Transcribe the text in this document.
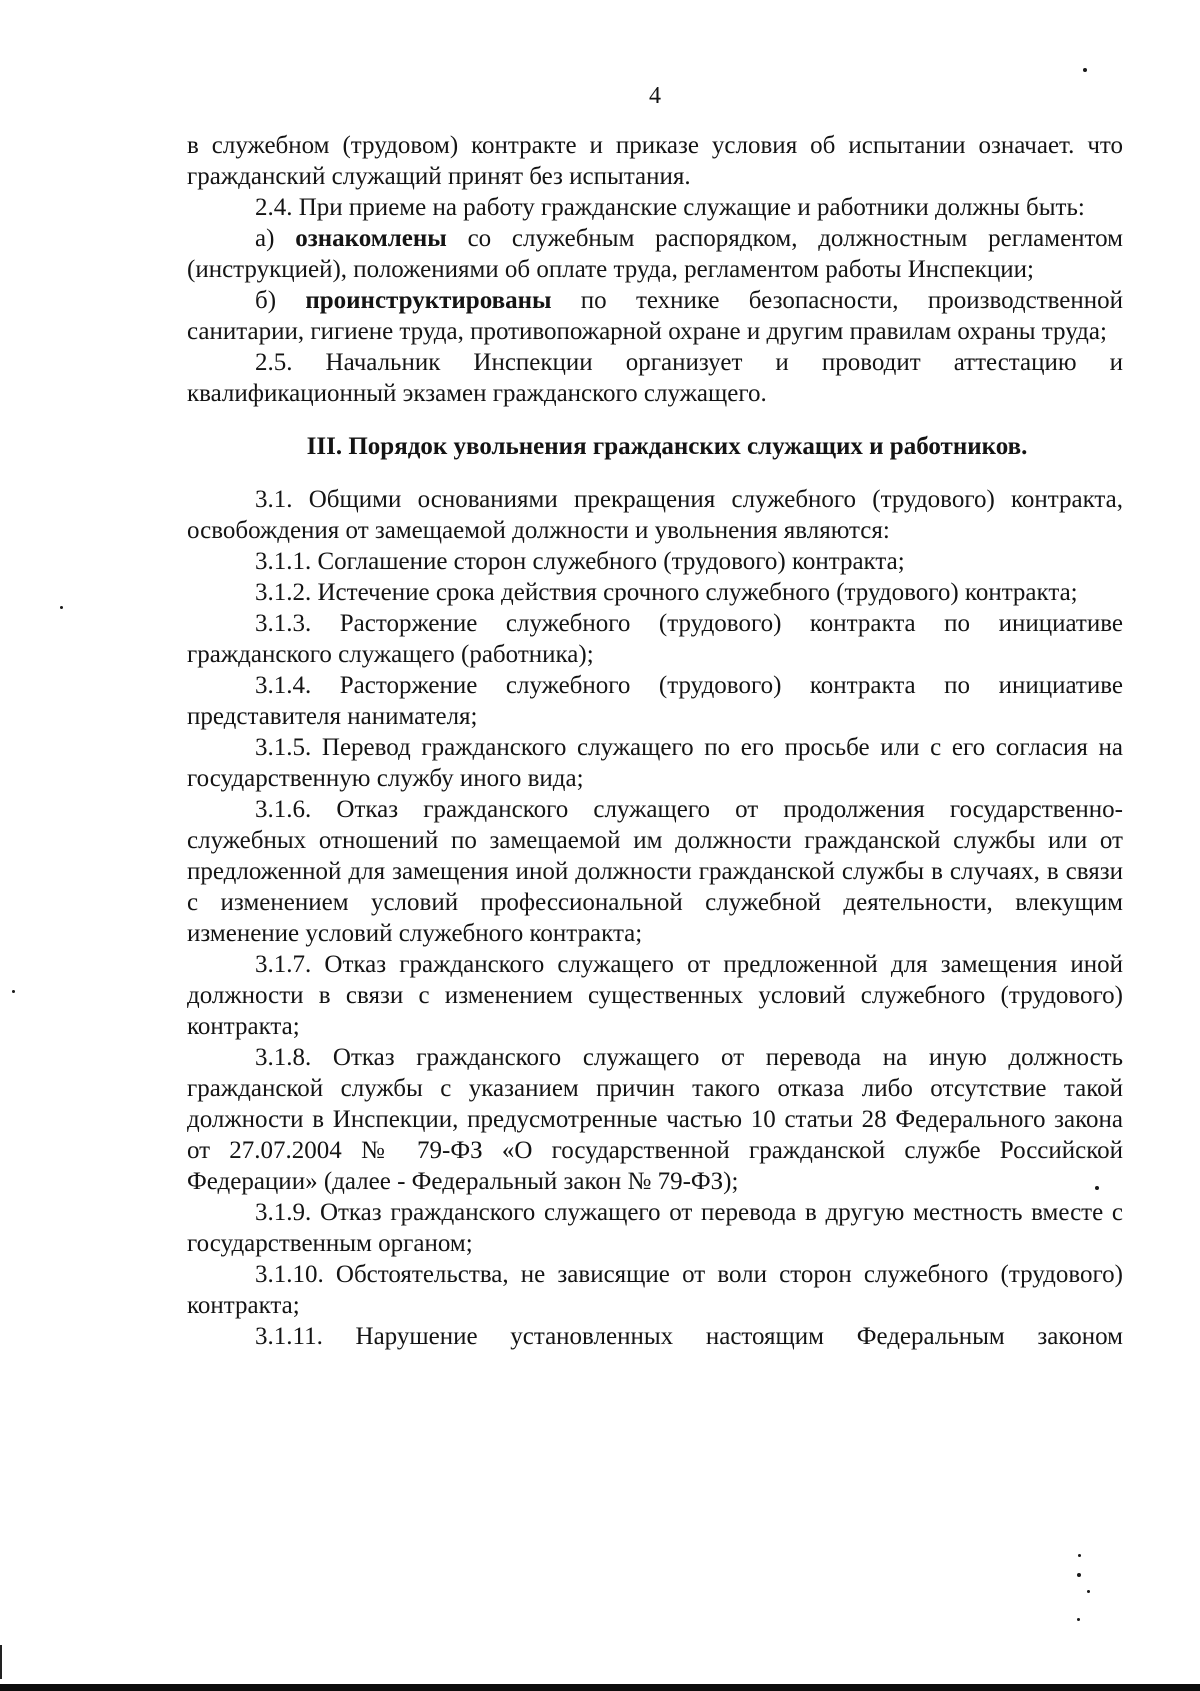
4

в служебном (трудовом) контракте и приказе условия об испытании означает. что гражданский служащий принят без испытания.

2.4. При приеме на работу гражданские служащие и работники должны быть:

а) ознакомлены со служебным распорядком, должностным регламентом (инструкцией), положениями об оплате труда, регламентом работы Инспекции;

б) проинструктированы по технике безопасности, производственной санитарии, гигиене труда, противопожарной охране и другим правилам охраны труда;

2.5. Начальник Инспекции организует и проводит аттестацию и квалификационный экзамен гражданского служащего.

III. Порядок увольнения гражданских служащих и работников.

3.1. Общими основаниями прекращения служебного (трудового) контракта, освобождения от замещаемой должности и увольнения являются:

3.1.1. Соглашение сторон служебного (трудового) контракта;

3.1.2. Истечение срока действия срочного служебного (трудового) контракта;

3.1.3. Расторжение служебного (трудового) контракта по инициативе гражданского служащего (работника);

3.1.4. Расторжение служебного (трудового) контракта по инициативе представителя нанимателя;

3.1.5. Перевод гражданского служащего по его просьбе или с его согласия на государственную службу иного вида;

3.1.6. Отказ гражданского служащего от продолжения государственно-служебных отношений по замещаемой им должности гражданской службы или от предложенной для замещения иной должности гражданской службы в случаях, в связи с изменением условий профессиональной служебной деятельности, влекущим изменение условий служебного контракта;

3.1.7. Отказ гражданского служащего от предложенной для замещения иной должности в связи с изменением существенных условий служебного (трудового) контракта;

3.1.8. Отказ гражданского служащего от перевода на иную должность гражданской службы с указанием причин такого отказа либо отсутствие такой должности в Инспекции, предусмотренные частью 10 статьи 28 Федерального закона от 27.07.2004 № 79-ФЗ «О государственной гражданской службе Российской Федерации» (далее - Федеральный закон № 79-ФЗ);

3.1.9. Отказ гражданского служащего от перевода в другую местность вместе с государственным органом;

3.1.10. Обстоятельства, не зависящие от воли сторон служебного (трудового) контракта;

3.1.11. Нарушение установленных настоящим Федеральным законом
